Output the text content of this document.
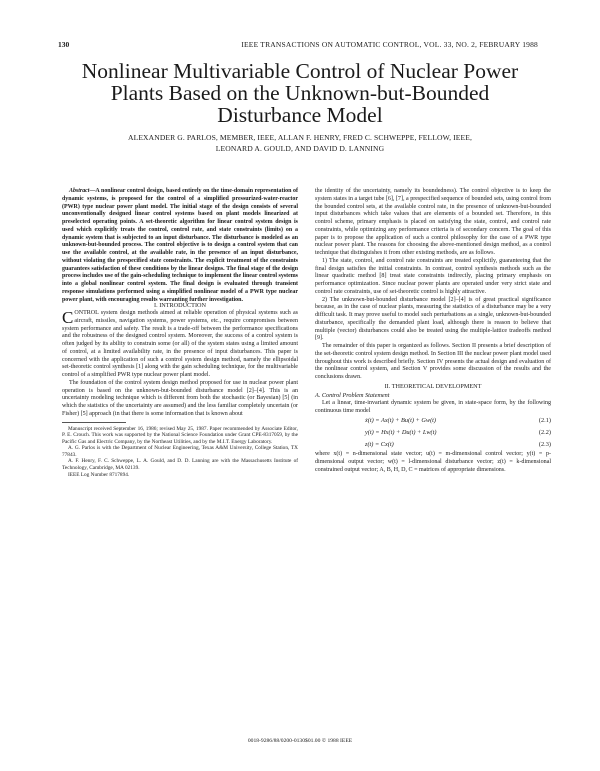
130	IEEE TRANSACTIONS ON AUTOMATIC CONTROL, VOL. 33, NO. 2, FEBRUARY 1988
Nonlinear Multivariable Control of Nuclear Power
Plants Based on the Unknown-but-Bounded
Disturbance Model
ALEXANDER G. PARLOS, MEMBER, IEEE, ALLAN F. HENRY, FRED C. SCHWEPPE, FELLOW, IEEE,
LEONARD A. GOULD, AND DAVID D. LANNING

Abstract—A nonlinear control design, based entirely on the time-domain representation of dynamic systems, is proposed for the control of a simplified pressurized-water-reactor (PWR) type nuclear power plant model. The initial stage of the design consists of several unconventionally designed linear control systems based on plant models linearized at preselected operating points. A set-theoretic algorithm for linear control system design is used which explicitly treats the control, control rate, and state constraints (limits) on a dynamic system that is subjected to an input disturbance. The disturbance is modeled as an unknown-but-bounded process. The control objective is to design a control system that can use the available control, at the available rate, in the presence of an input disturbance, without violating the prespecified state constraints. The explicit treatment of the constraints guarantees satisfaction of these conditions by the linear designs. The final stage of the design process includes use of the gain-scheduling technique to implement the linear control systems into a global nonlinear control system. The final design is evaluated through transient response simulations performed using a simplified nonlinear model of a PWR type nuclear power plant, with encouraging results warranting further investigation.

I. INTRODUCTION

CONTROL system design methods aimed at reliable operation of physical systems such as aircraft, missiles, navigation systems, power systems, etc., require compromises between system performance and safety. The result is a trade-off between the performance specifications and the robustness of the designed control system. Moreover, the success of a control system is often judged by its ability to constrain some (or all) of the system states using a limited amount of control, at a limited availability rate, in the presence of input disturbances. This paper is concerned with the application of such a control system design method, namely the ellipsoidal set-theoretic control synthesis [1] along with the gain scheduling technique, for the multivariable control of a simplified PWR type nuclear power plant model.

The foundation of the control system design method proposed for use in nuclear power plant operation is based on the unknown-but-bounded disturbance model [2]–[4]. This is an uncertainty modeling technique which is different from both the stochastic (or Bayesian) [5] (in which the statistics of the uncertainty are assumed) and the less familiar completely uncertain (or Fisher) [5] approach (in that there is some information that is known about

Manuscript received September 16, 1986; revised May 25, 1987. Paper recommended by Associate Editor, P. E. Crouch. This work was supported by the National Science Foundation under Grant CPE-8317059, by the Pacific Gas and Electric Company, by the Northeast Utilities, and by the M.I.T. Energy Laboratory.

A. G. Parlos is with the Department of Nuclear Engineering, Texas A&M University, College Station, TX 77843.

A. F. Henry, F. C. Schweppe, L. A. Gould, and D. D. Lanning are with the Massachusetts Institute of Technology, Cambridge, MA 02139.

IEEE Log Number 8717894.

the identity of the uncertainty, namely its boundedness). The control objective is to keep the system states in a target tube [6], [7], a prespecified sequence of bounded sets, using control from the bounded control sets, at the available control rate, in the presence of unknown-but-bounded input disturbances which take values that are elements of a bounded set. Therefore, in this control scheme, primary emphasis is placed on satisfying the state, control, and control rate constraints, while optimizing any performance criteria is of secondary concern. The goal of this paper is to propose the application of such a control philosophy for the case of a PWR type nuclear power plant. The reasons for choosing the above-mentioned design method, as a control technique that distinguishes it from other existing methods, are as follows.

1) The state, control, and control rate constraints are treated explicitly, guaranteeing that the final design satisfies the initial constraints. In contrast, control synthesis methods such as the linear quadratic method [8] treat state constraints indirectly, placing primary emphasis on performance optimization. Since nuclear power plants are operated under very strict state and control rate constraints, use of set-theoretic control is highly attractive.

2) The unknown-but-bounded disturbance model [2]–[4] is of great practical significance because, as in the case of nuclear plants, measuring the statistics of a disturbance may be a very difficult task. It may prove useful to model such perturbations as a single, unknown-but-bounded disturbance, specifically the demanded plant load, although there is reason to believe that multiple (vector) disturbances could also be treated using the multiple-lattice tradeoffs method [9].

The remainder of this paper is organized as follows. Section II presents a brief description of the set-theoretic control system design method. In Section III the nuclear power plant model used throughout this work is described briefly. Section IV presents the actual design and evaluation of the nonlinear control system, and Section V provides some discussion of the results and the conclusions drawn.

II. THEORETICAL DEVELOPMENT

A. Control Problem Statement

Let a linear, time-invariant dynamic system be given, in state-space form, by the following continuous time model

ẋ(t) = Ax(t) + Bu(t) + Gw(t)	(2.1)
y(t) = Hx(t) + Du(t) + Lw(t)	(2.2)
z(t) = Cx(t)	(2.3)

where x(t) = n-dimensional state vector; u(t) = m-dimensional control vector; y(t) = p-dimensional output vector; w(t) = l-dimensional disturbance vector; z(t) = k-dimensional constrained output vector; A, B, H, D, C = matrices of appropriate dimensions.

0018-9286/88/0200-0130$01.00 © 1988 IEEE
